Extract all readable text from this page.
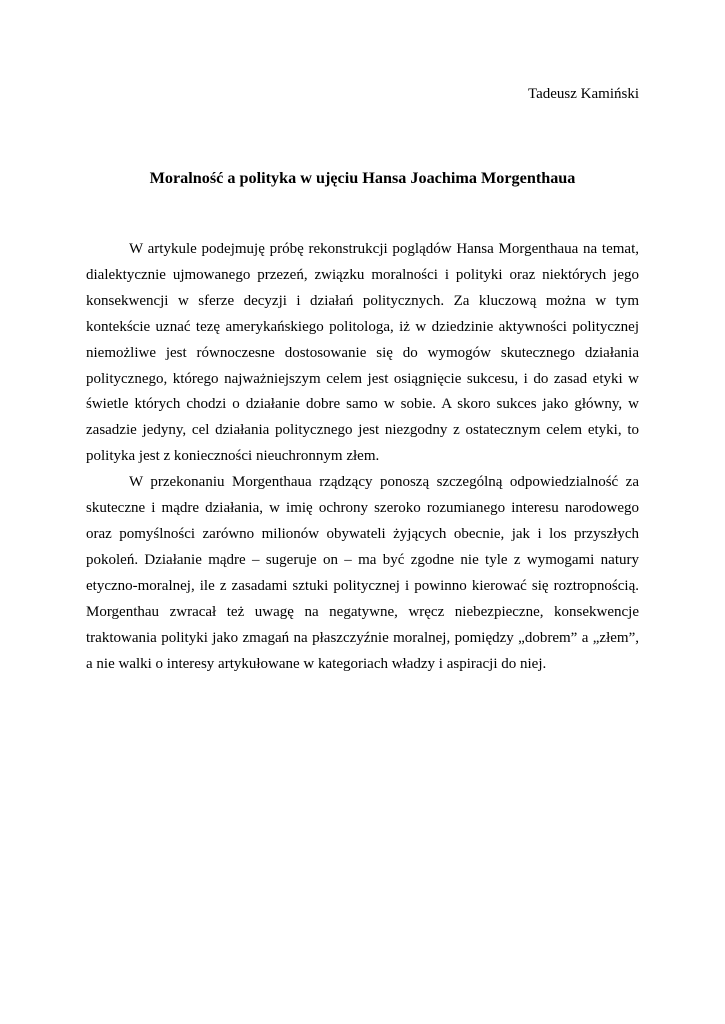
Tadeusz Kamiński
Moralność a polityka w ujęciu Hansa Joachima Morgenthaua

W artykule podejmuję próbę rekonstrukcji poglądów Hansa Morgenthaua na temat, dialektycznie ujmowanego przezeń, związku moralności i polityki oraz niektórych jego konsekwencji w sferze decyzji i działań politycznych. Za kluczową można w tym kontekście uznać tezę amerykańskiego politologa, iż w dziedzinie aktywności politycznej niemożliwe jest równoczesne dostosowanie się do wymogów skutecznego działania politycznego, którego najważniejszym celem jest osiągnięcie sukcesu, i do zasad etyki w świetle których chodzi o działanie dobre samo w sobie. A skoro sukces jako główny, w zasadzie jedyny, cel działania politycznego jest niezgodny z ostatecznym celem etyki, to polityka jest z konieczności nieuchronnym złem.

W przekonaniu Morgenthaua rządzący ponoszą szczególną odpowiedzialność za skuteczne i mądre działania, w imię ochrony szeroko rozumianego interesu narodowego oraz pomyślności zarówno milionów obywateli żyjących obecnie, jak i los przyszłych pokoleń. Działanie mądre – sugeruje on – ma być zgodne nie tyle z wymogami natury etyczno-moralnej, ile z zasadami sztuki politycznej i powinno kierować się roztropnością. Morgenthau zwracał też uwagę na negatywne, wręcz niebezpieczne, konsekwencje traktowania polityki jako zmagań na płaszczyźnie moralnej, pomiędzy „dobrem” a „złem”, a nie walki o interesy artykułowane w kategoriach władzy i aspiracji do niej.
